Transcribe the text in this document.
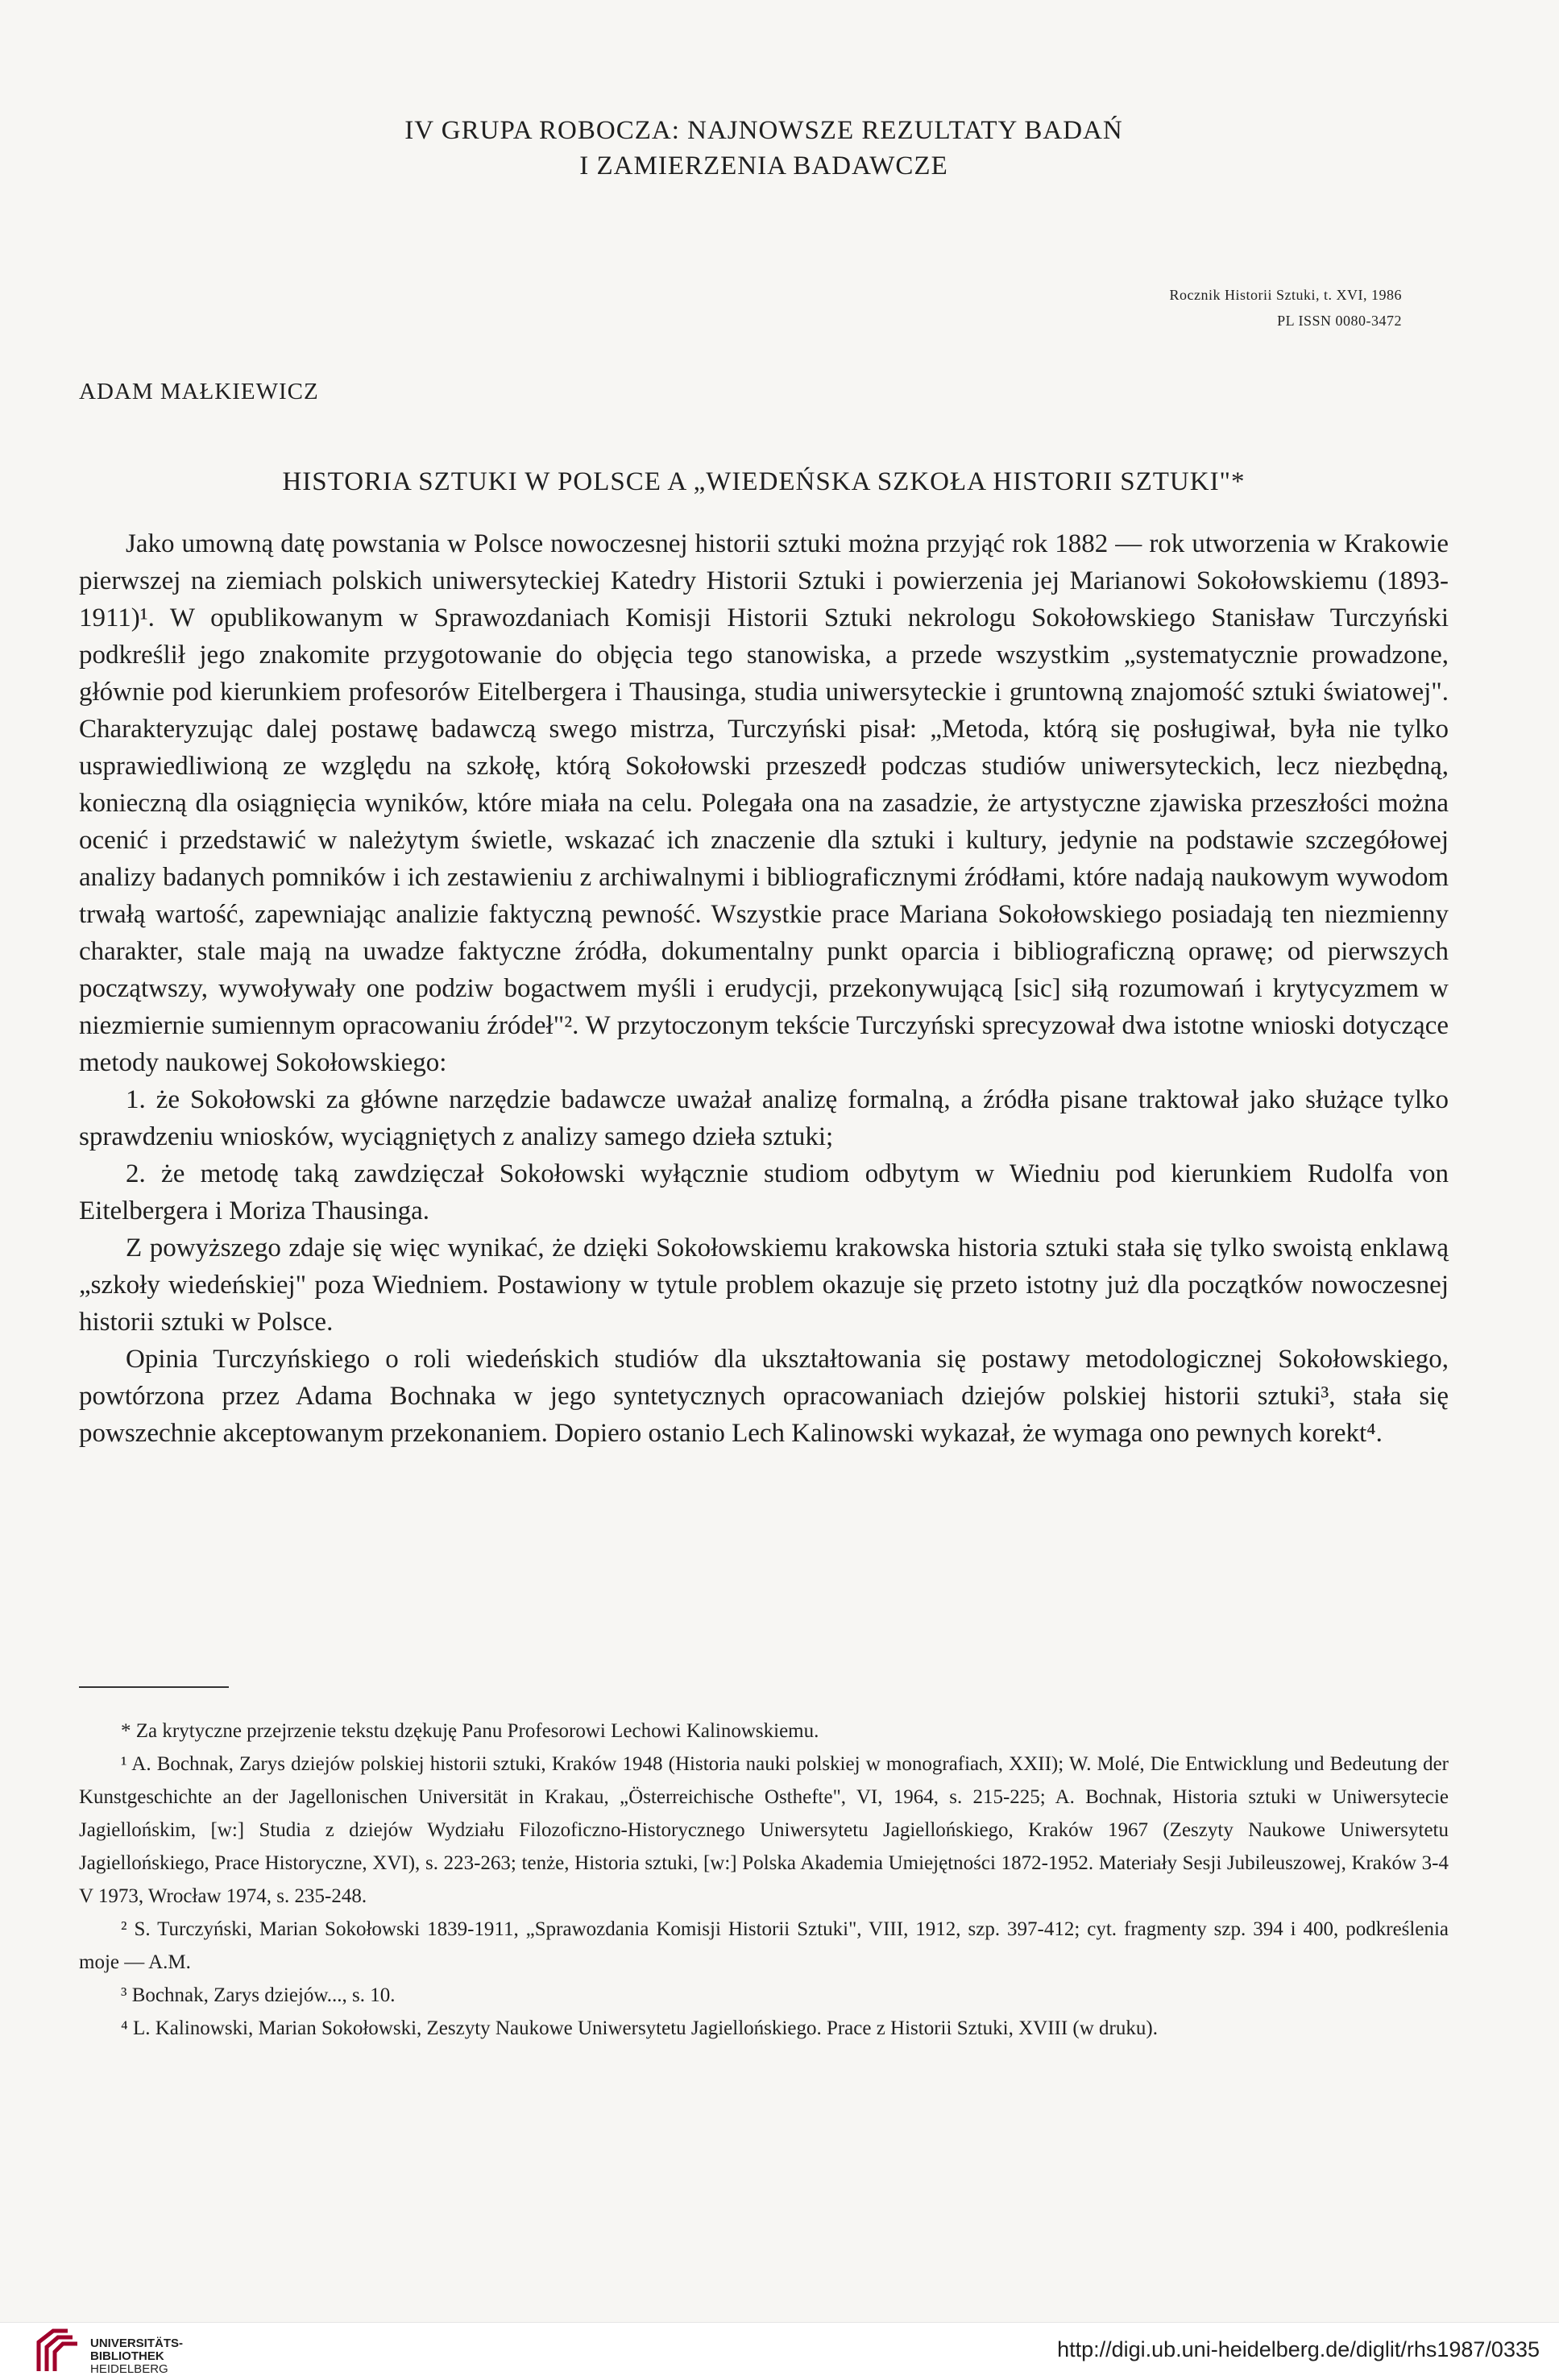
IV GRUPA ROBOCZA: NAJNOWSZE REZULTATY BADAŃ
I ZAMIERZENIA BADAWCZE
Rocznik Historii Sztuki, t. XVI, 1986
PL ISSN 0080-3472
ADAM MAŁKIEWICZ
HISTORIA SZTUKI W POLSCE A „WIEDEŃSKA SZKOŁA HISTORII SZTUKI"*

Jako umowną datę powstania w Polsce nowoczesnej historii sztuki można przyjąć rok 1882 — rok utworzenia w Krakowie pierwszej na ziemiach polskich uniwersyteckiej Katedry Historii Sztuki i powierzenia jej Marianowi Sokołowskiemu (1893-1911)¹. W opublikowanym w Sprawozdaniach Komisji Historii Sztuki nekrologu Sokołowskiego Stanisław Turczyński podkreślił jego znakomite przygotowanie do objęcia tego stanowiska, a przede wszystkim „systematycznie prowadzone, głównie pod kierunkiem profesorów Eitelbergera i Thausinga, studia uniwersyteckie i gruntowną znajomość sztuki światowej". Charakteryzując dalej postawę badawczą swego mistrza, Turczyński pisał: „Metoda, którą się posługiwał, była nie tylko usprawiedliwioną ze względu na szkołę, którą Sokołowski przeszedł podczas studiów uniwersyteckich, lecz niezbędną, konieczną dla osiągnięcia wyników, które miała na celu. Polegała ona na zasadzie, że artystyczne zjawiska przeszłości można ocenić i przedstawić w należytym świetle, wskazać ich znaczenie dla sztuki i kultury, jedynie na podstawie szczegółowej analizy badanych pomników i ich zestawieniu z archiwalnymi i bibliograficznymi źródłami, które nadają naukowym wywodom trwałą wartość, zapewniając analizie faktyczną pewność. Wszystkie prace Mariana Sokołowskiego posiadają ten niezmienny charakter, stale mają na uwadze faktyczne źródła, dokumentalny punkt oparcia i bibliograficzną oprawę; od pierwszych początwszy, wywoływały one podziw bogactwem myśli i erudycji, przekonywującą [sic] siłą rozumowań i krytycyzmem w niezmiernie sumiennym opracowaniu źródeł"². W przytoczonym tekście Turczyński sprecyzował dwa istotne wnioski dotyczące metody naukowej Sokołowskiego:

1. że Sokołowski za główne narzędzie badawcze uważał analizę formalną, a źródła pisane traktował jako służące tylko sprawdzeniu wniosków, wyciągniętych z analizy samego dzieła sztuki;

2. że metodę taką zawdzięczał Sokołowski wyłącznie studiom odbytym w Wiedniu pod kierunkiem Rudolfa von Eitelbergera i Moriza Thausinga.

Z powyższego zdaje się więc wynikać, że dzięki Sokołowskiemu krakowska historia sztuki stała się tylko swoistą enklawą „szkoły wiedeńskiej" poza Wiedniem. Postawiony w tytule problem okazuje się przeto istotny już dla początków nowoczesnej historii sztuki w Polsce.

Opinia Turczyńskiego o roli wiedeńskich studiów dla ukształtowania się postawy metodologicznej Sokołowskiego, powtórzona przez Adama Bochnaka w jego syntetycznych opracowaniach dziejów polskiej historii sztuki³, stała się powszechnie akceptowanym przekonaniem. Dopiero ostanio Lech Kalinowski wykazał, że wymaga ono pewnych korekt⁴.

* Za krytyczne przejrzenie tekstu dzękuję Panu Profesorowi Lechowi Kalinowskiemu.

¹ A. Bochnak, Zarys dziejów polskiej historii sztuki, Kraków 1948 (Historia nauki polskiej w monografiach, XXII); W. Molé, Die Entwicklung und Bedeutung der Kunstgeschichte an der Jagellonischen Universität in Krakau, „Österreichische Osthefte", VI, 1964, s. 215-225; A. Bochnak, Historia sztuki w Uniwersytecie Jagiellońskim, [w:] Studia z dziejów Wydziału Filozoficzno-Historycznego Uniwersytetu Jagiellońskiego, Kraków 1967 (Zeszyty Naukowe Uniwersytetu Jagiellońskiego, Prace Historyczne, XVI), s. 223-263; tenże, Historia sztuki, [w:] Polska Akademia Umiejętności 1872-1952. Materiały Sesji Jubileuszowej, Kraków 3-4 V 1973, Wrocław 1974, s. 235-248.

² S. Turczyński, Marian Sokołowski 1839-1911, „Sprawozdania Komisji Historii Sztuki", VIII, 1912, szp. 397-412; cyt. fragmenty szp. 394 i 400, podkreślenia moje — A.M.

³ Bochnak, Zarys dziejów..., s. 10.

⁴ L. Kalinowski, Marian Sokołowski, Zeszyty Naukowe Uniwersytetu Jagiellońskiego. Prace z Historii Sztuki, XVIII (w druku).

UNIVERSITÄTS-
BIBLIOTHEK
HEIDELBERG
http://digi.ub.uni-heidelberg.de/diglit/rhs1987/0335
